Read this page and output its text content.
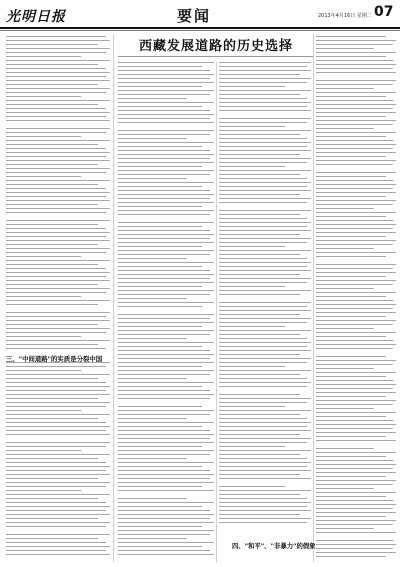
光明日报	要闻	2013年4月16日 星期二 07
西藏发展道路的历史选择
三、"中间道路"的实质是分裂中国
四、"和平"、"非暴力"的假象
